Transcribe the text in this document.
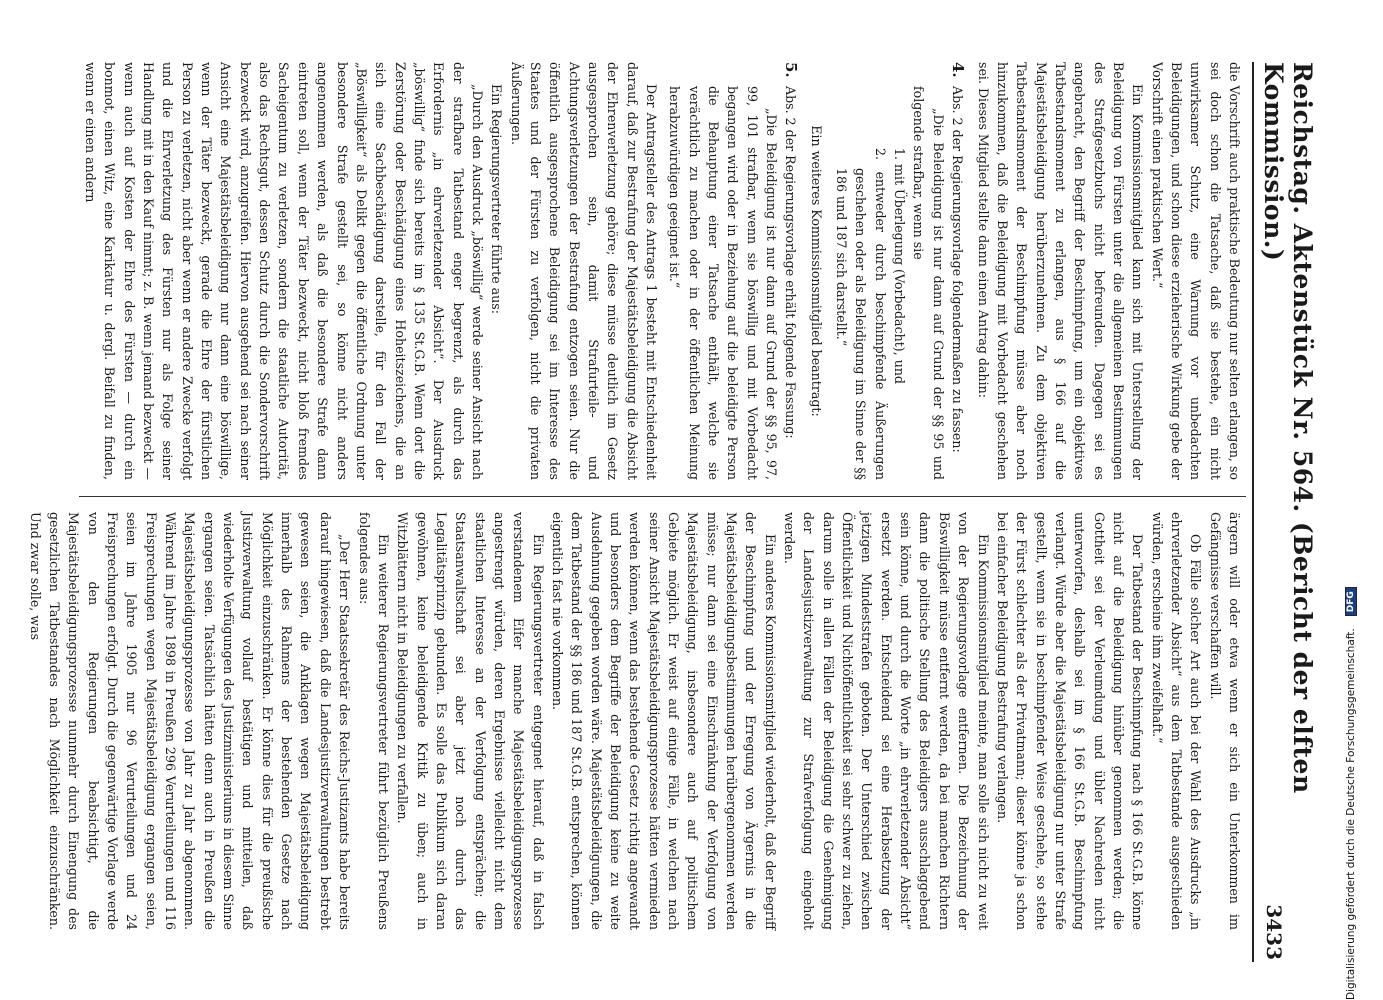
Reichstag. Aktenstück Nr. 564. (Bericht der elften Kommission.)
3433

die Vorschrift auch praktische Bedeutung nur selten erlangen, so sei doch schon die Tatsache, daß sie bestehe, ein nicht unwirksamer Schutz, eine Warnung vor unbedachten Beleidigungen, und schon diese erzieherische Wirkung gebe der Vorschrift einen praktischen Wert.“

Ein Kommissionsmitglied kann sich mit Unterstellung der Beleidigung von Fürsten unter die allgemeinen Bestimmungen des Strafgesetzbuchs nicht befreunden. Dagegen sei es angebracht, den Begriff der Beschimpfung, um ein objektives Tatbestandsmoment zu erlangen, aus § 166 auf die Majestätsbeleidigung herüberzunehmen. Zu dem objektiven Tatbestandsmoment der Beschimpfung müsse aber noch hinzukommen, daß die Beleidigung mit Vorbedacht geschehen sei. Dieses Mitglied stellte dann einen Antrag dahin:

4.

Abs. 2 der Regierungsvorlage folgendermaßen zu fassen:

„Die Beleidigung ist nur dann auf Grund der §§ 95 und folgende strafbar, wenn sie

1. mit Überlegung (Vorbedacht), und

2. entweder durch beschimpfende Äußerungen geschehen oder als Beleidigung im Sinne der §§ 186 und 187 sich darstellt.“

Ein weiteres Kommissionsmitglied beantragt:

5.

Abs. 2 der Regierungsvorlage erhält folgende Fassung:

„Die Beleidigung ist nur dann auf Grund der §§ 95, 97, 99, 101 strafbar, wenn sie böswillig und mit Vorbedacht begangen wird oder in Beziehung auf die beleidigte Person die Behauptung einer Tatsache enthält, welche sie verächtlich zu machen oder in der öffentlichen Meinung herabzuwürdigen geeignet ist.“

Der Antragsteller des Antrags 1 besteht mit Entschiedenheit darauf, daß zur Bestrafung der Majestätsbeleidigung die Absicht der Ehrenverletzung gehöre; diese müsse deutlich im Gesetz ausgesprochen sein, damit Strafurteile- und Achtungsverletzungen der Bestrafung entzogen seien. Nur die öffentlich ausgesprochene Beleidigung sei im Interesse des Staates und der Fürsten zu verfolgen, nicht die privaten Äußerungen.

Ein Regierungsvertreter führte aus:

„Durch den Ausdruck „böswillig“ werde seiner Ansicht nach der strafbare Tatbestand enger begrenzt, als durch das Erfordernis „in ehrverletzender Absicht“. Der Ausdruck „böswillig“ finde sich bereits im § 135 St.G.B. Wenn dort die Zerstörung oder Beschädigung eines Hoheitszeichens, die an sich eine Sachbeschädigung darstelle, für den Fall der „Böswilligkeit“ als Delikt gegen die öffentliche Ordnung unter besondere Strafe gestellt sei, so könne nicht anders angenommen werden, als daß die besondere Strafe dann eintreten soll, wenn der Täter bezweckt, nicht bloß fremdes Sacheigentum zu verletzen, sondern die staatliche Autorität, also das Rechtsgut, dessen Schutz durch die Sondervorschrift bezweckt wird, anzugreifen. Hiervon ausgehend sei nach seiner Ansicht eine Majestätsbeleidigung nur dann eine böswillige, wenn der Täter bezweckt, gerade die Ehre der fürstlichen Person zu verletzen, nicht aber wenn er andere Zwecke verfolgt und die Ehrverletzung des Fürsten nur als Folge seiner Handlung mit in den Kauf nimmt; z. B. wenn jemand bezweckt — wenn auch auf Kosten der Ehre des Fürsten — durch ein bonmot, einen Witz, eine Karikatur u. dergl. Beifall zu finden, wenn er einen andern

ärgern will oder etwa wenn er sich ein Unterkommen im Gefängnisse verschaffen will.

Ob Fälle solcher Art auch bei der Wahl des Ausdrucks „in ehrverletzender Absicht“ aus dem Tatbestande ausgeschieden würden, erscheine ihm zweifelhaft.“

Der Tatbestand der Beschimpfung nach § 166 St.G.B. könne nicht auf die Beleidigung hinüber genommen werden; die Gottheit sei der Verleumdung und übler Nachreden nicht unterworfen, deshalb sei im § 166 St.G.B. Beschimpfung verlangt. Würde aber die Majestätsbeleidigung nur unter Strafe gestellt, wenn sie in beschimpfender Weise geschehe, so stehe der Fürst schlechter als der Privatmann; dieser könne ja schon bei einfacher Beleidigung Bestrafung verlangen.

Ein Kommissionsmitglied meinte, man solle sich nicht zu weit von der Regierungsvorlage entfernen. Die Bezeichnung der Böswilligkeit müsse entfernt werden, da bei manchen Richtern dann die politische Stellung des Beleidigers ausschlaggebend sein könne, und durch die Worte „in ehrverletzender Absicht“ ersetzt werden. Entscheidend sei eine Herabsetzung der jetzigen Mindeststrafen geboten. Der Unterschied zwischen Öffentlichkeit und Nichtöffentlichkeit sei sehr schwer zu ziehen, darum solle in allen Fällen der Beleidigung die Genehmigung der Landesjustizverwaltung zur Strafverfolgung eingeholt werden.

Ein anderes Kommissionsmitglied wiederholt, daß der Begriff der Beschimpfung und der Erregung von Ärgernis in die Majestätsbeleidigungsbestimmungen herübergenommen werden müsse; nur dann sei eine Einschränkung der Verfolgung von Majestätsbeleidigung, insbesondere auch auf politischem Gebiete möglich. Er weist auf einige Fälle, in welchen nach seiner Ansicht Majestätsbeleidigungsprozesse hätten vermieden werden können, wenn das bestehende Gesetz richtig angewandt und besonders dem Begriffe der Beleidigung keine zu weite Ausdehnung gegeben worden wäre. Majestätsbeleidigungen, die dem Tatbestand der §§ 186 und 187 St.G.B. entsprechen, können eigentlich fast nie vorkommen.

Ein Regierungsvertreter entgegnet hierauf, daß in falsch verstandenem Eifer manche Majestätsbeleidigungsprozesse angestrengt würden, deren Ergebnisse vielleicht nicht dem staatlichen Interesse an der Verfolgung entsprächen; die Staatsanwaltschaft sei aber jetzt noch durch das Legalitätsprinzip gebunden. Es solle das Publikum sich daran gewöhnen, keine beleidigende Kritik zu üben; auch in Witzblättern nicht in Beleidigungen zu verfallen.

Ein weiterer Regierungsvertreter führt bezüglich Preußens folgendes aus:

„Der Herr Staatssekretär des Reichs-Justizamts habe bereits darauf hingewiesen, daß die Landesjustizverwaltungen bestrebt gewesen seien, die Anklagen wegen Majestätsbeleidigung innerhalb des Rahmens der bestehenden Gesetze nach Möglichkeit einzuschränken. Er könne dies für die preußische Justizverwaltung vollauf bestätigen und mitteilen, daß wiederholte Verfügungen des Justizministeriums in diesem Sinne ergangen seien. Tatsächlich hätten denn auch in Preußen die Majestätsbeleidigungsprozesse von Jahr zu Jahr abgenommen. Während im Jahre 1898 in Preußen 296 Verurteilungen und 116 Freisprechungen wegen Majestätsbeleidigung ergangen seien, seien im Jahre 1905 nur 96 Verurteilungen und 24 Freisprechungen erfolgt. Durch die gegenwärtige Vorlage werde von den Regierungen beabsichtigt, die Majestätsbeleidigungsprozesse nunmehr durch Einengung des gesetzlichen Tatbestandes nach Möglichkeit einzuschränken. Und zwar solle, was

Digitalisierung gefördert durch die Deutsche Forschungsgemeinschaft.
DFG
